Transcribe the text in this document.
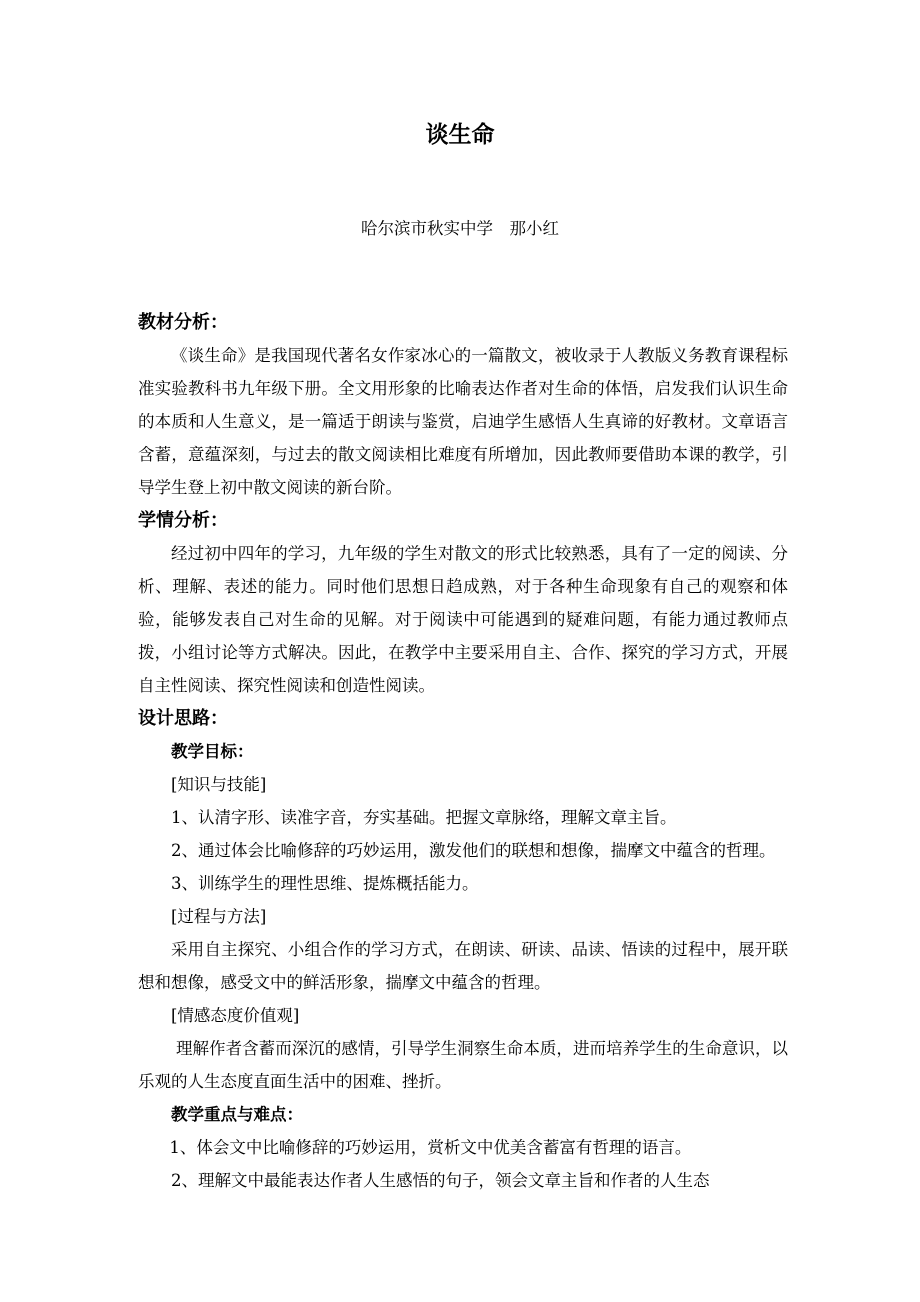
谈生命
哈尔滨市秋实中学　那小红

教材分析：

《谈生命》是我国现代著名女作家冰心的一篇散文，被收录于人教版义务教育课程标准实验教科书九年级下册。全文用形象的比喻表达作者对生命的体悟，启发我们认识生命的本质和人生意义，是一篇适于朗读与鉴赏，启迪学生感悟人生真谛的好教材。文章语言含蓄，意蕴深刻，与过去的散文阅读相比难度有所增加，因此教师要借助本课的教学，引导学生登上初中散文阅读的新台阶。

学情分析：

经过初中四年的学习，九年级的学生对散文的形式比较熟悉，具有了一定的阅读、分析、理解、表述的能力。同时他们思想日趋成熟，对于各种生命现象有自己的观察和体验，能够发表自己对生命的见解。对于阅读中可能遇到的疑难问题，有能力通过教师点拨，小组讨论等方式解决。因此，在教学中主要采用自主、合作、探究的学习方式，开展自主性阅读、探究性阅读和创造性阅读。

设计思路：

教学目标：

[知识与技能]

1、认清字形、读准字音，夯实基础。把握文章脉络，理解文章主旨。

2、通过体会比喻修辞的巧妙运用，激发他们的联想和想像，揣摩文中蕴含的哲理。

3、训练学生的理性思维、提炼概括能力。

[过程与方法]

采用自主探究、小组合作的学习方式，在朗读、研读、品读、悟读的过程中，展开联想和想像，感受文中的鲜活形象，揣摩文中蕴含的哲理。

[情感态度价值观]

理解作者含蓄而深沉的感情，引导学生洞察生命本质，进而培养学生的生命意识，以乐观的人生态度直面生活中的困难、挫折。

教学重点与难点：

1、体会文中比喻修辞的巧妙运用，赏析文中优美含蓄富有哲理的语言。

2、理解文中最能表达作者人生感悟的句子，领会文章主旨和作者的人生态
